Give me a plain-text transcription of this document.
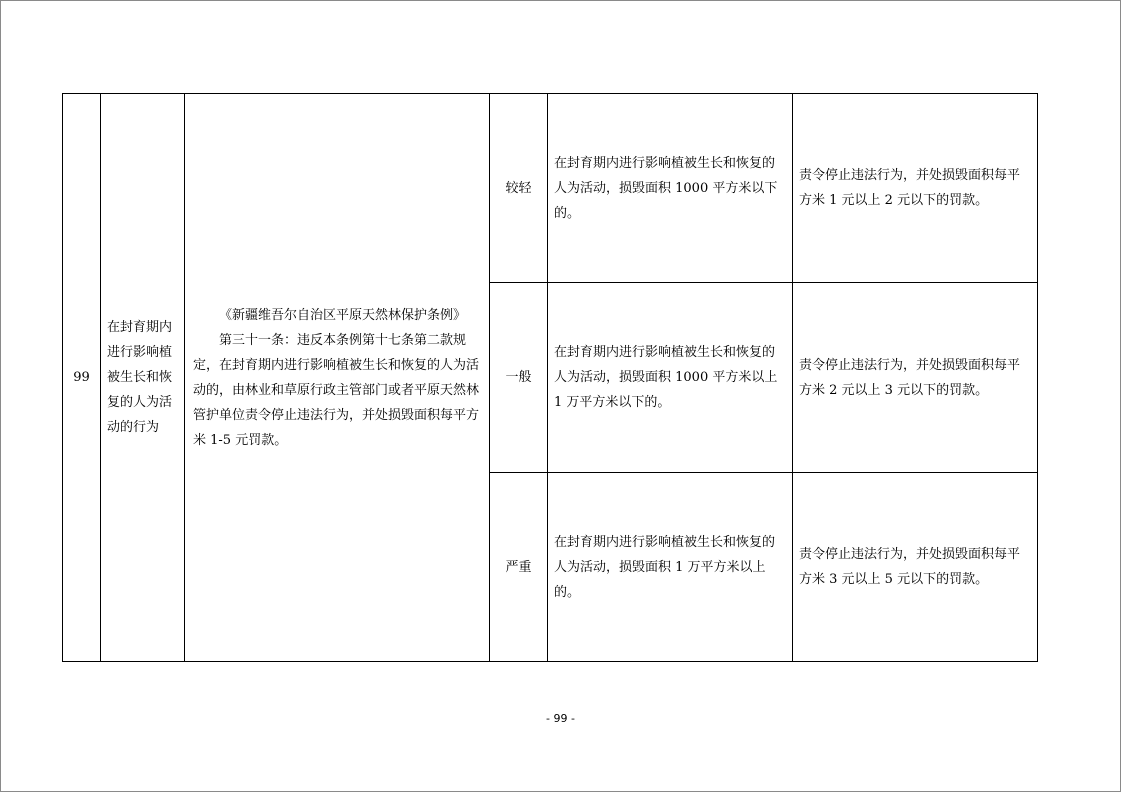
99	在封育期内进行影响植被生长和恢复的人为活动的行为	《新疆维吾尔自治区平原天然林保护条例》
第三十一条：违反本条例第十七条第二款规定，在封育期内进行影响植被生长和恢复的人为活动的，由林业和草原行政主管部门或者平原天然林管护单位责令停止违法行为，并处损毁面积每平方米 1-5 元罚款。	较轻	在封育期内进行影响植被生长和恢复的人为活动，损毁面积 1000 平方米以下的。	责令停止违法行为，并处损毁面积每平方米 1 元以上 2 元以下的罚款。
			一般	在封育期内进行影响植被生长和恢复的人为活动，损毁面积 1000 平方米以上 1 万平方米以下的。	责令停止违法行为，并处损毁面积每平方米 2 元以上 3 元以下的罚款。
			严重	在封育期内进行影响植被生长和恢复的人为活动，损毁面积 1 万平方米以上的。	责令停止违法行为，并处损毁面积每平方米 3 元以上 5 元以下的罚款。
- 99 -
